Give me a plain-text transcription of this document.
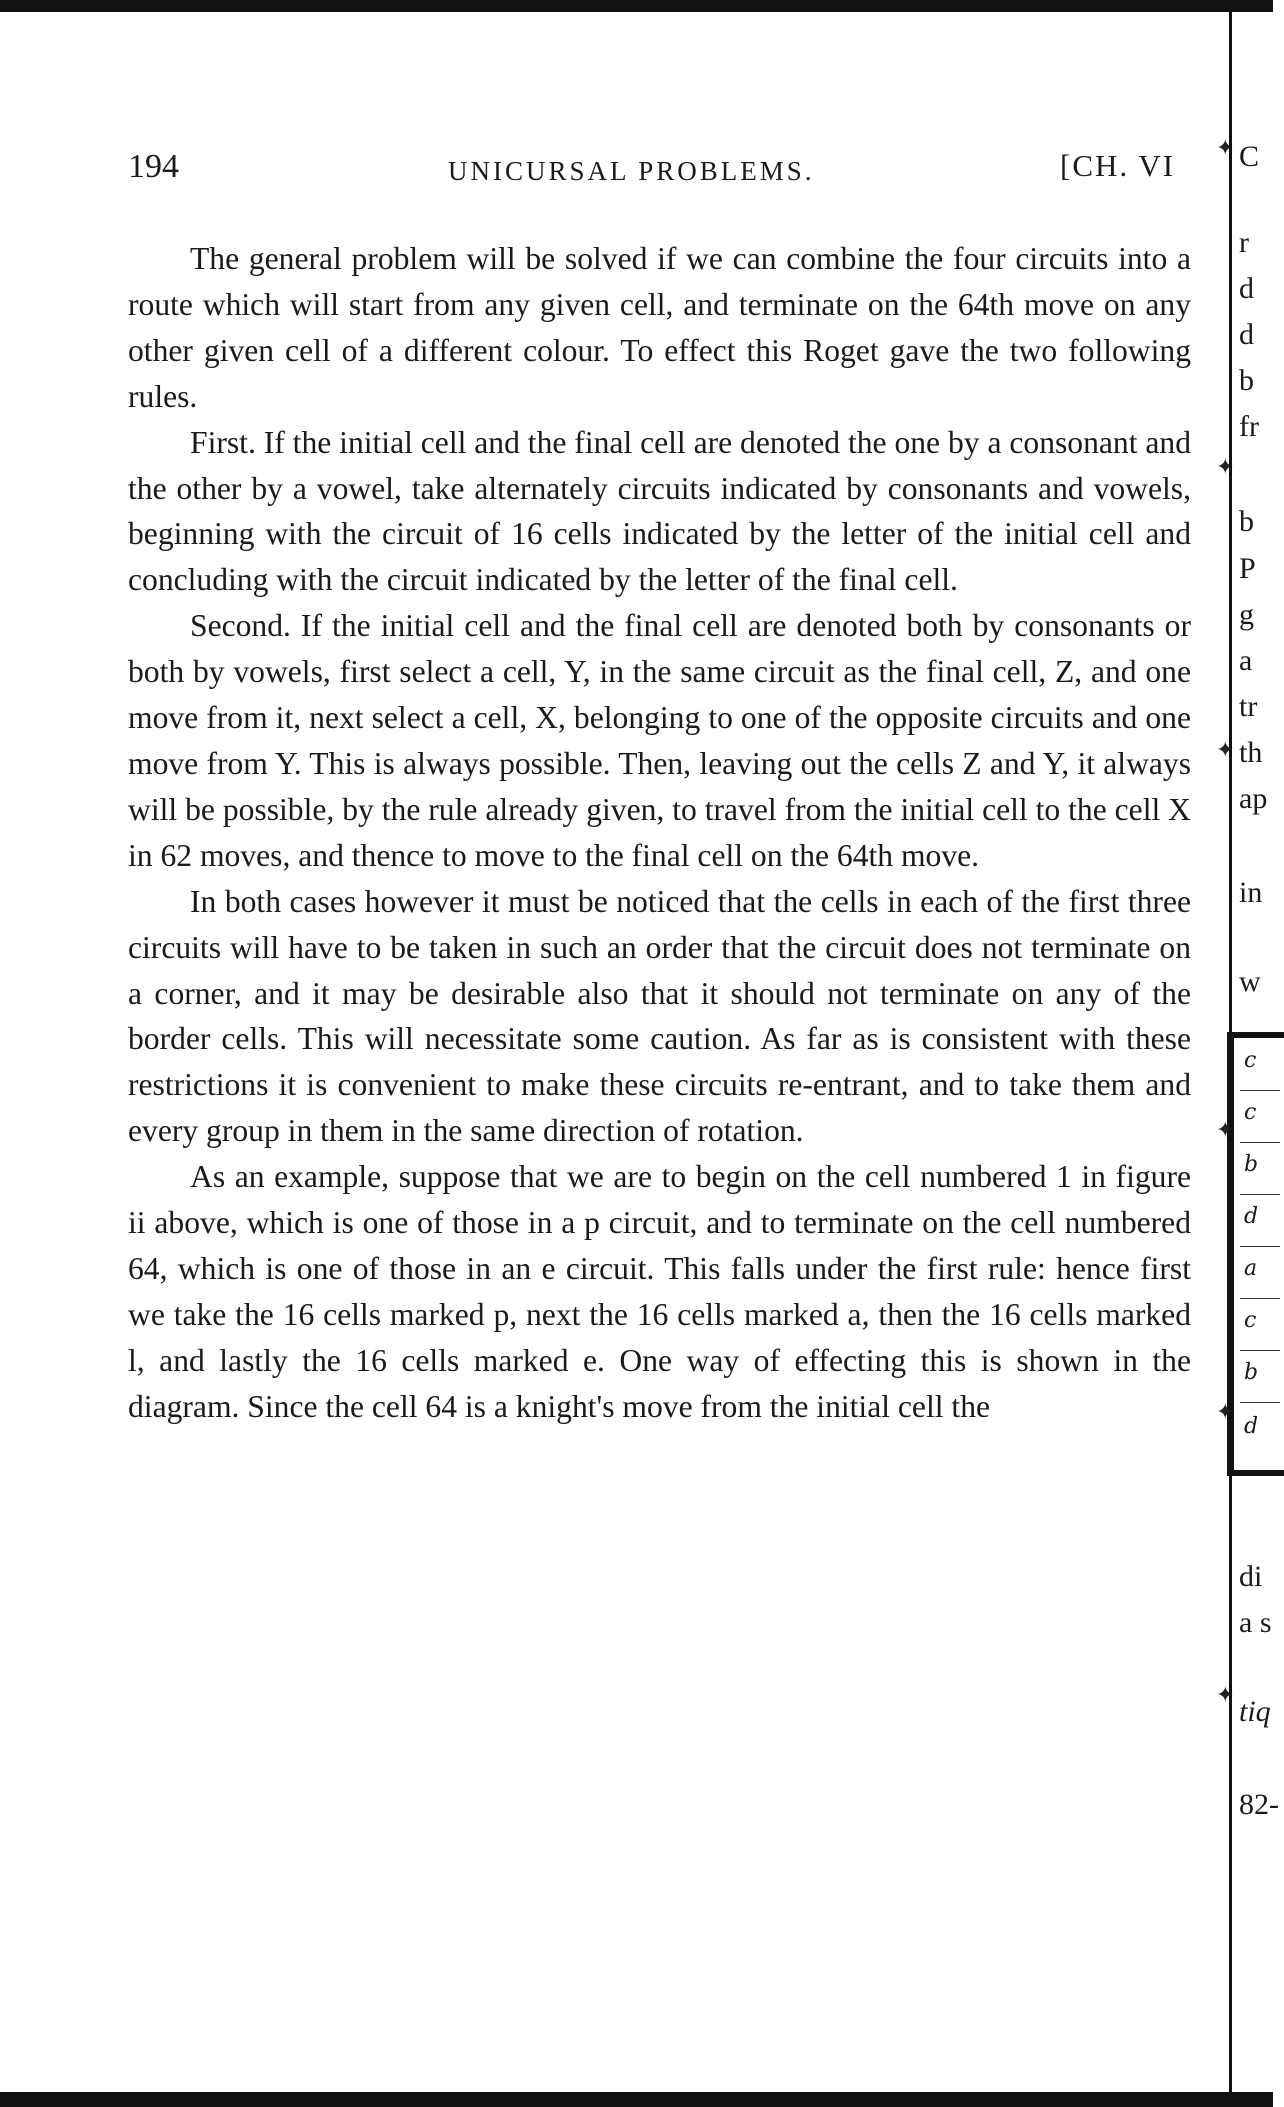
194	UNICURSAL PROBLEMS.	[CH. VI

The general problem will be solved if we can combine the four circuits into a route which will start from any given cell, and terminate on the 64th move on any other given cell of a different colour. To effect this Roget gave the two following rules.

First. If the initial cell and the final cell are denoted the one by a consonant and the other by a vowel, take alternately circuits indicated by consonants and vowels, beginning with the circuit of 16 cells indicated by the letter of the initial cell and concluding with the circuit indicated by the letter of the final cell.

Second. If the initial cell and the final cell are denoted both by consonants or both by vowels, first select a cell, Y, in the same circuit as the final cell, Z, and one move from it, next select a cell, X, belonging to one of the opposite circuits and one move from Y. This is always possible. Then, leaving out the cells Z and Y, it always will be possible, by the rule already given, to travel from the initial cell to the cell X in 62 moves, and thence to move to the final cell on the 64th move.

In both cases however it must be noticed that the cells in each of the first three circuits will have to be taken in such an order that the circuit does not terminate on a corner, and it may be desirable also that it should not terminate on any of the border cells. This will necessitate some caution. As far as is consistent with these restrictions it is convenient to make these circuits re-entrant, and to take them and every group in them in the same direction of rotation.

As an example, suppose that we are to begin on the cell numbered 1 in figure ii above, which is one of those in a p circuit, and to terminate on the cell numbered 64, which is one of those in an e circuit. This falls under the first rule: hence first we take the 16 cells marked p, next the 16 cells marked a, then the 16 cells marked l, and lastly the 16 cells marked e. One way of effecting this is shown in the diagram. Since the cell 64 is a knight's move from the initial cell the

C
r
d
d
b
fr
b
P
g
a
tr
th
ap
in
w
di
a s
tiq
82-
c
c
b
d
a
c
b
d
✦
✦
✦
✦
✦
✦
